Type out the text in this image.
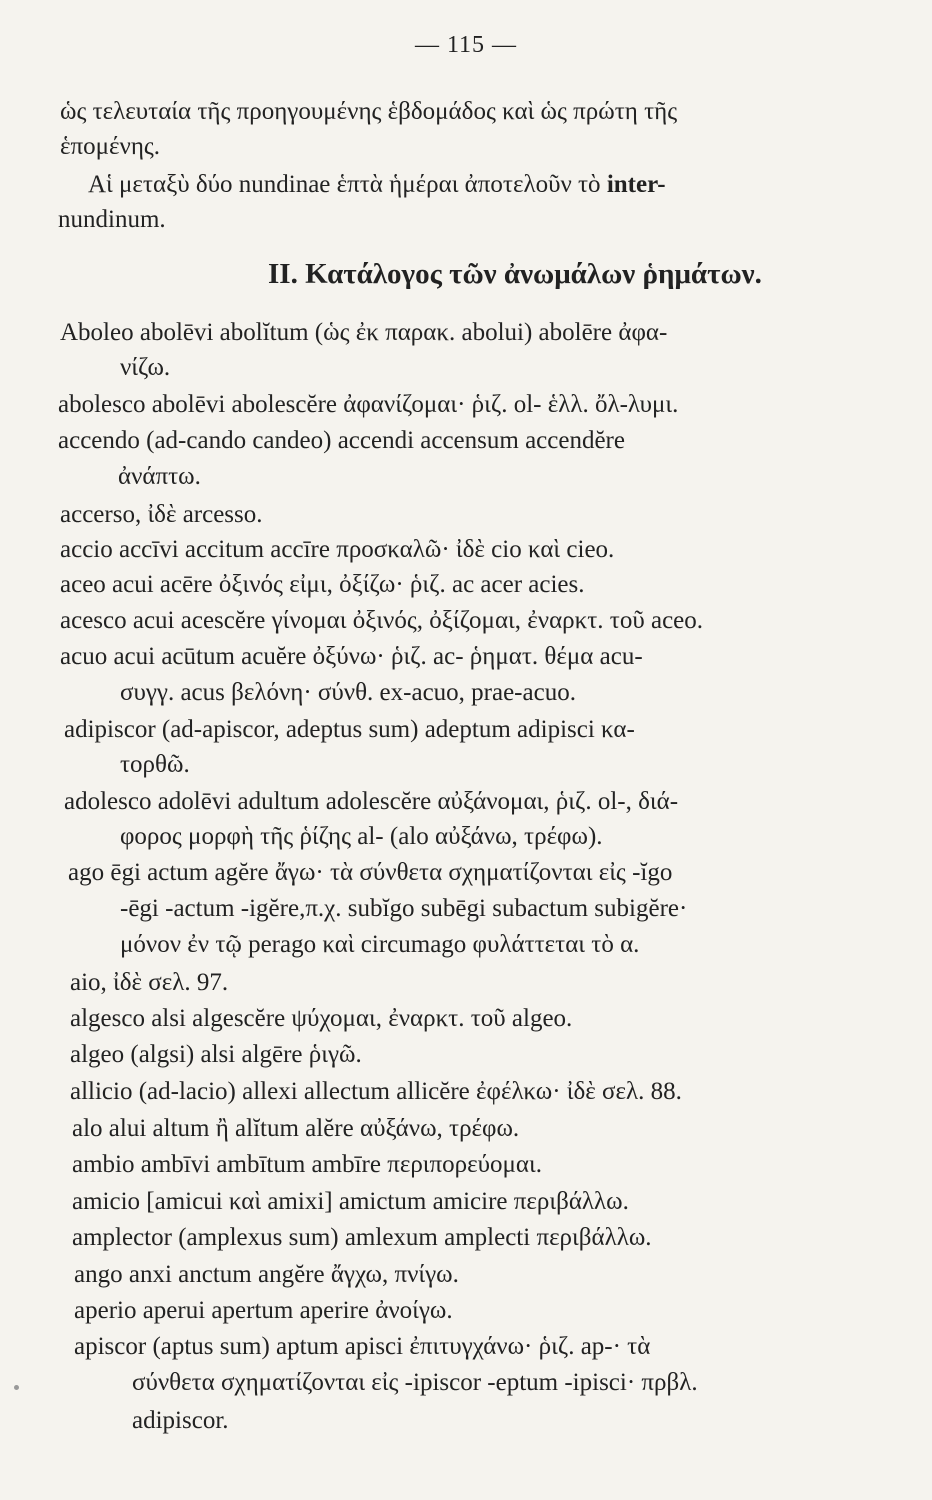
— 115 —
ὡς τελευταία τῆς προηγουμένης ἑβδομάδος καὶ ὡς πρώτη τῆς
ἑπομένης.
Αἱ μεταξὺ δύο nundinae ἑπτὰ ἡμέραι ἀποτελοῦν τὸ inter-
nundinum.
II. Κατάλογος τῶν ἀνωμάλων ῥημάτων.
Aboleo abolēvi abolĭtum (ὡς ἐκ παρακ. abolui) abolēre ἀφα-
νίζω.
abolesco abolēvi abolescĕre ἀφανίζομαι· ῥιζ. ol- ἑλλ. ὄλ-λυμι.
accendo (ad-cando candeo) accendi accensum accendĕre
ἀνάπτω.
accerso, ἰδὲ arcesso.
accio accīvi accitum accīre προσκαλῶ· ἰδὲ cio καὶ cieo.
aceo acui acēre ὀξινός εἰμι, ὀξίζω· ῥιζ. ac acer acies.
acesco acui acescĕre γίνομαι ὀξινός, ὀξίζομαι, ἐναρκτ. τοῦ aceo.
acuo acui acūtum acuĕre ὀξύνω· ῥιζ. ac- ῥηματ. θέμα acu-
συγγ. acus βελόνη· σύνθ. ex-acuo, prae-acuo.
adipiscor (ad-apiscor, adeptus sum) adeptum adipisci κα-
τορθῶ.
adolesco adolēvi adultum adolescĕre αὐξάνομαι, ῥιζ. ol-, διά-
φορος μορφὴ τῆς ῥίζης al- (alo αὐξάνω, τρέφω).
ago ēgi actum agĕre ἄγω· τὰ σύνθετα σχηματίζονται εἰς -ĭgo
-ēgi -actum -igĕre,π.χ. subĭgo subēgi subactum subigĕre·
μόνον ἐν τῷ perago καὶ circumago φυλάττεται τὸ α.
aio, ἰδὲ σελ. 97.
algesco alsi algescĕre ψύχομαι, ἐναρκτ. τοῦ algeo.
algeo (algsi) alsi algēre ῥιγῶ.
allicio (ad-lacio) allexi allectum allicĕre ἐφέλκω· ἰδὲ σελ. 88.
alo alui altum ἢ alĭtum alĕre αὐξάνω, τρέφω.
ambio ambīvi ambītum ambīre περιπορεύομαι.
amicio [amicui καὶ amixi] amictum amicire περιβάλλω.
amplector (amplexus sum) amlexum amplecti περιβάλλω.
ango anxi anctum angĕre ἄγχω, πνίγω.
aperio aperui apertum aperire ἀνοίγω.
apiscor (aptus sum) aptum apisci ἐπιτυγχάνω· ῥιζ. ap-· τὰ
σύνθετα σχηματίζονται εἰς -ipiscor -eptum -ipisci· πρβλ.
adipiscor.
